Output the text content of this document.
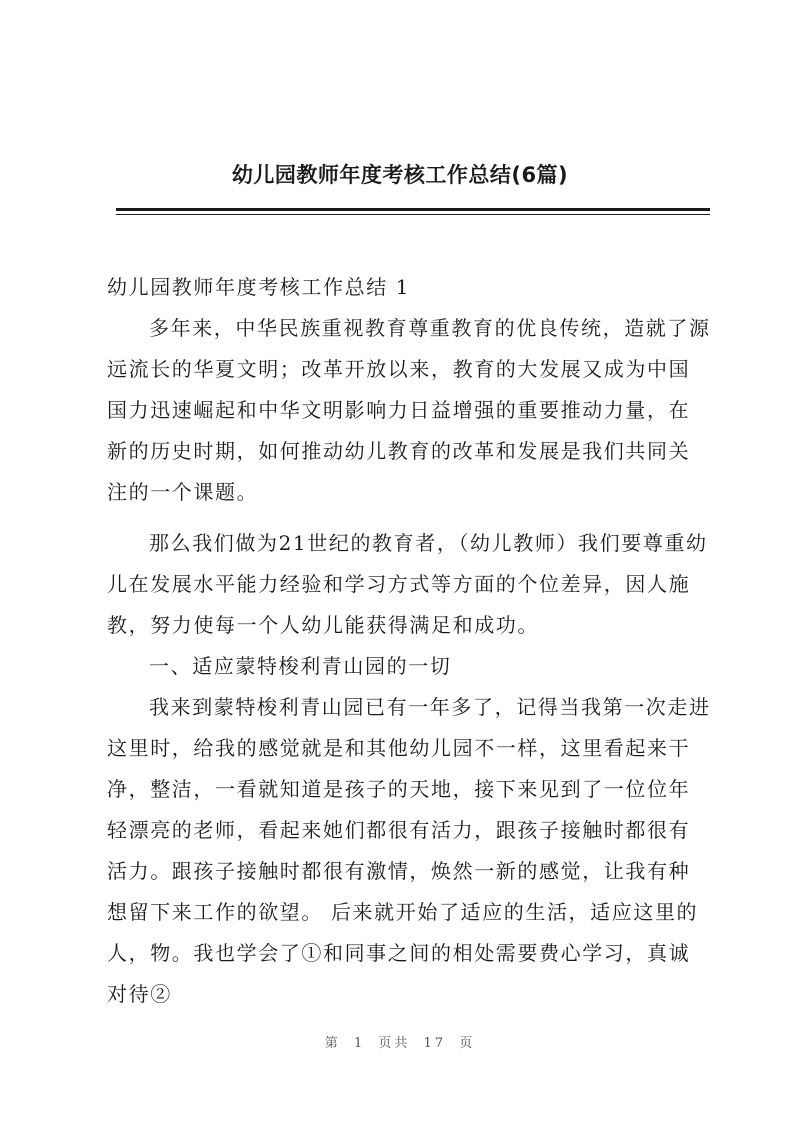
幼儿园教师年度考核工作总结(6篇)

幼儿园教师年度考核工作总结 1

多年来，中华民族重视教育尊重教育的优良传统，造就了源远流长的华夏文明；改革开放以来，教育的大发展又成为中国国力迅速崛起和中华文明影响力日益增强的重要推动力量，在新的历史时期，如何推动幼儿教育的改革和发展是我们共同关注的一个课题。

那么我们做为21世纪的教育者，（幼儿教师）我们要尊重幼儿在发展水平能力经验和学习方式等方面的个位差异，因人施教，努力使每一个人幼儿能获得满足和成功。

一、适应蒙特梭利青山园的一切

我来到蒙特梭利青山园已有一年多了，记得当我第一次走进这里时，给我的感觉就是和其他幼儿园不一样，这里看起来干净，整洁，一看就知道是孩子的天地，接下来见到了一位位年轻漂亮的老师，看起来她们都很有活力，跟孩子接触时都很有活力。跟孩子接触时都很有激情，焕然一新的感觉，让我有种想留下来工作的欲望。 后来就开始了适应的生活，适应这里的人，物。我也学会了①和同事之间的相处需要费心学习，真诚对待②

第 1 页共 17 页
